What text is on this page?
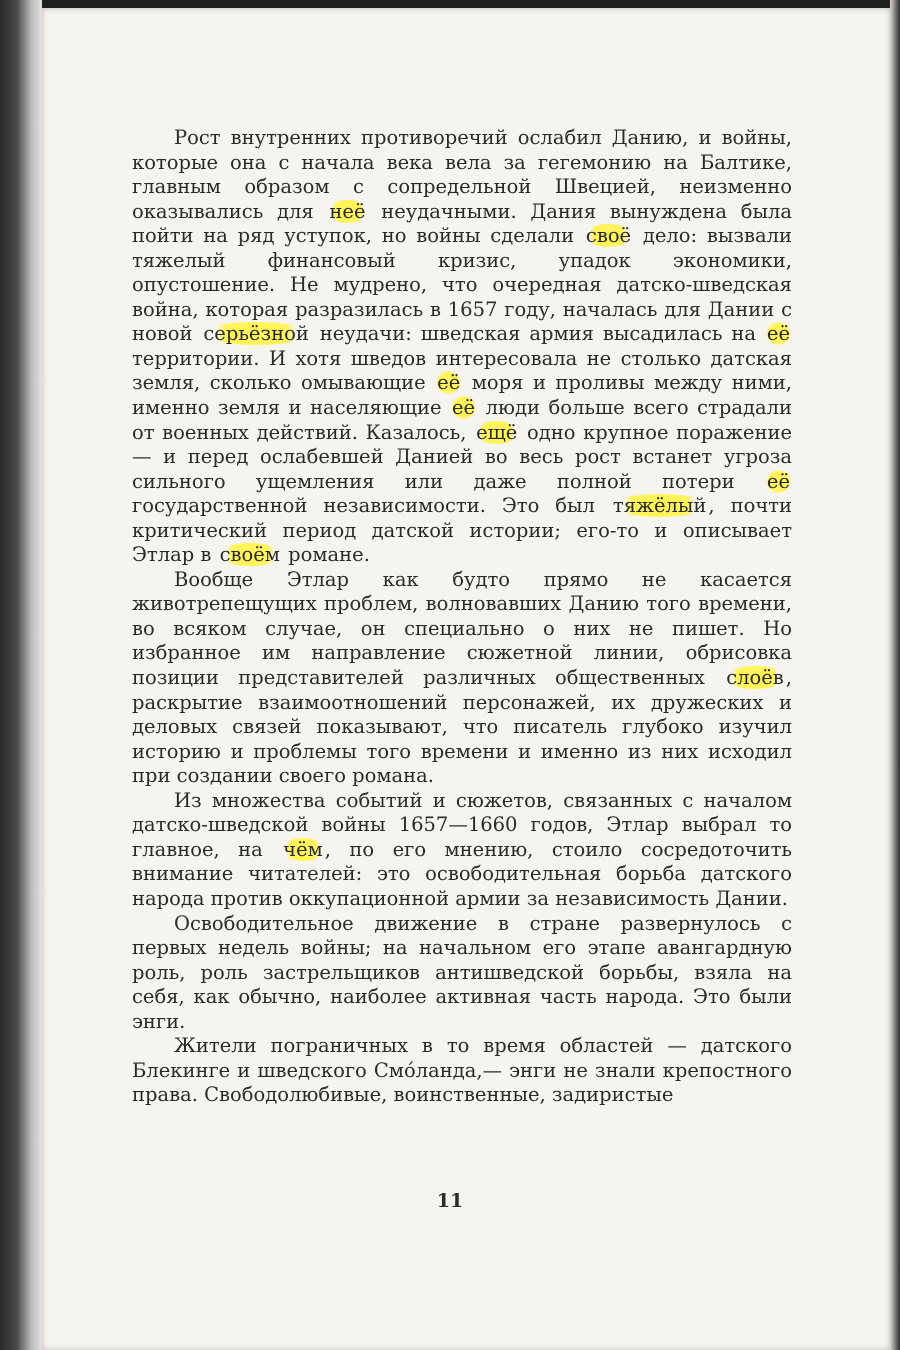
Рост внутренних противоречий ослабил Данию, и войны, которые она с начала века вела за гегемонию на Балтике, главным образом с сопредельной Швецией, неизменно оказывались для неё неудачными. Дания вынуждена была пойти на ряд уступок, но войны сделали своё дело: вызвали тяжелый финансовый кризис, упадок экономики, опустошение. Не мудрено, что очередная датско-шведская война, которая разразилась в 1657 году, началась для Дании с новой серьёзной неудачи: шведская армия высадилась на её территории. И хотя шведов интересовала не столько датская земля, сколько омывающие её моря и проливы между ними, именно земля и населяющие её люди больше всего страдали от военных действий. Казалось, ещё одно крупное поражение — и перед ослабевшей Данией во весь рост встанет угроза сильного ущемления или даже полной потери её государственной независимости. Это был тяжёлый , почти критический период датской истории; его-то и описывает Этлар в своём романе.

Вообще Этлар как будто прямо не касается животрепещущих проблем, волновавших Данию того времени, во всяком случае, он специально о них не пишет. Но избранное им направление сюжетной линии, обрисовка позиции представителей различных общественных слоёв , раскрытие взаимоотношений персонажей, их дружеских и деловых связей показывают, что писатель глубоко изучил историю и проблемы того времени и именно из них исходил при создании своего романа.

Из множества событий и сюжетов, связанных с началом датско-шведской войны 1657—1660 годов, Этлар выбрал то главное, на чём , по его мнению, стоило сосредоточить внимание читателей: это освободительная борьба датского народа против оккупационной армии за независимость Дании.

Освободительное движение в стране развернулось с первых недель войны; на начальном его этапе авангардную роль, роль застрельщиков антишведской борьбы, взяла на себя, как обычно, наиболее активная часть народа. Это были энги.

Жители пограничных в то время областей — датского Блекинге и шведского Смо́ланда,— энги не знали крепостного права. Свободолюбивые, воинственные, задиристые

11
